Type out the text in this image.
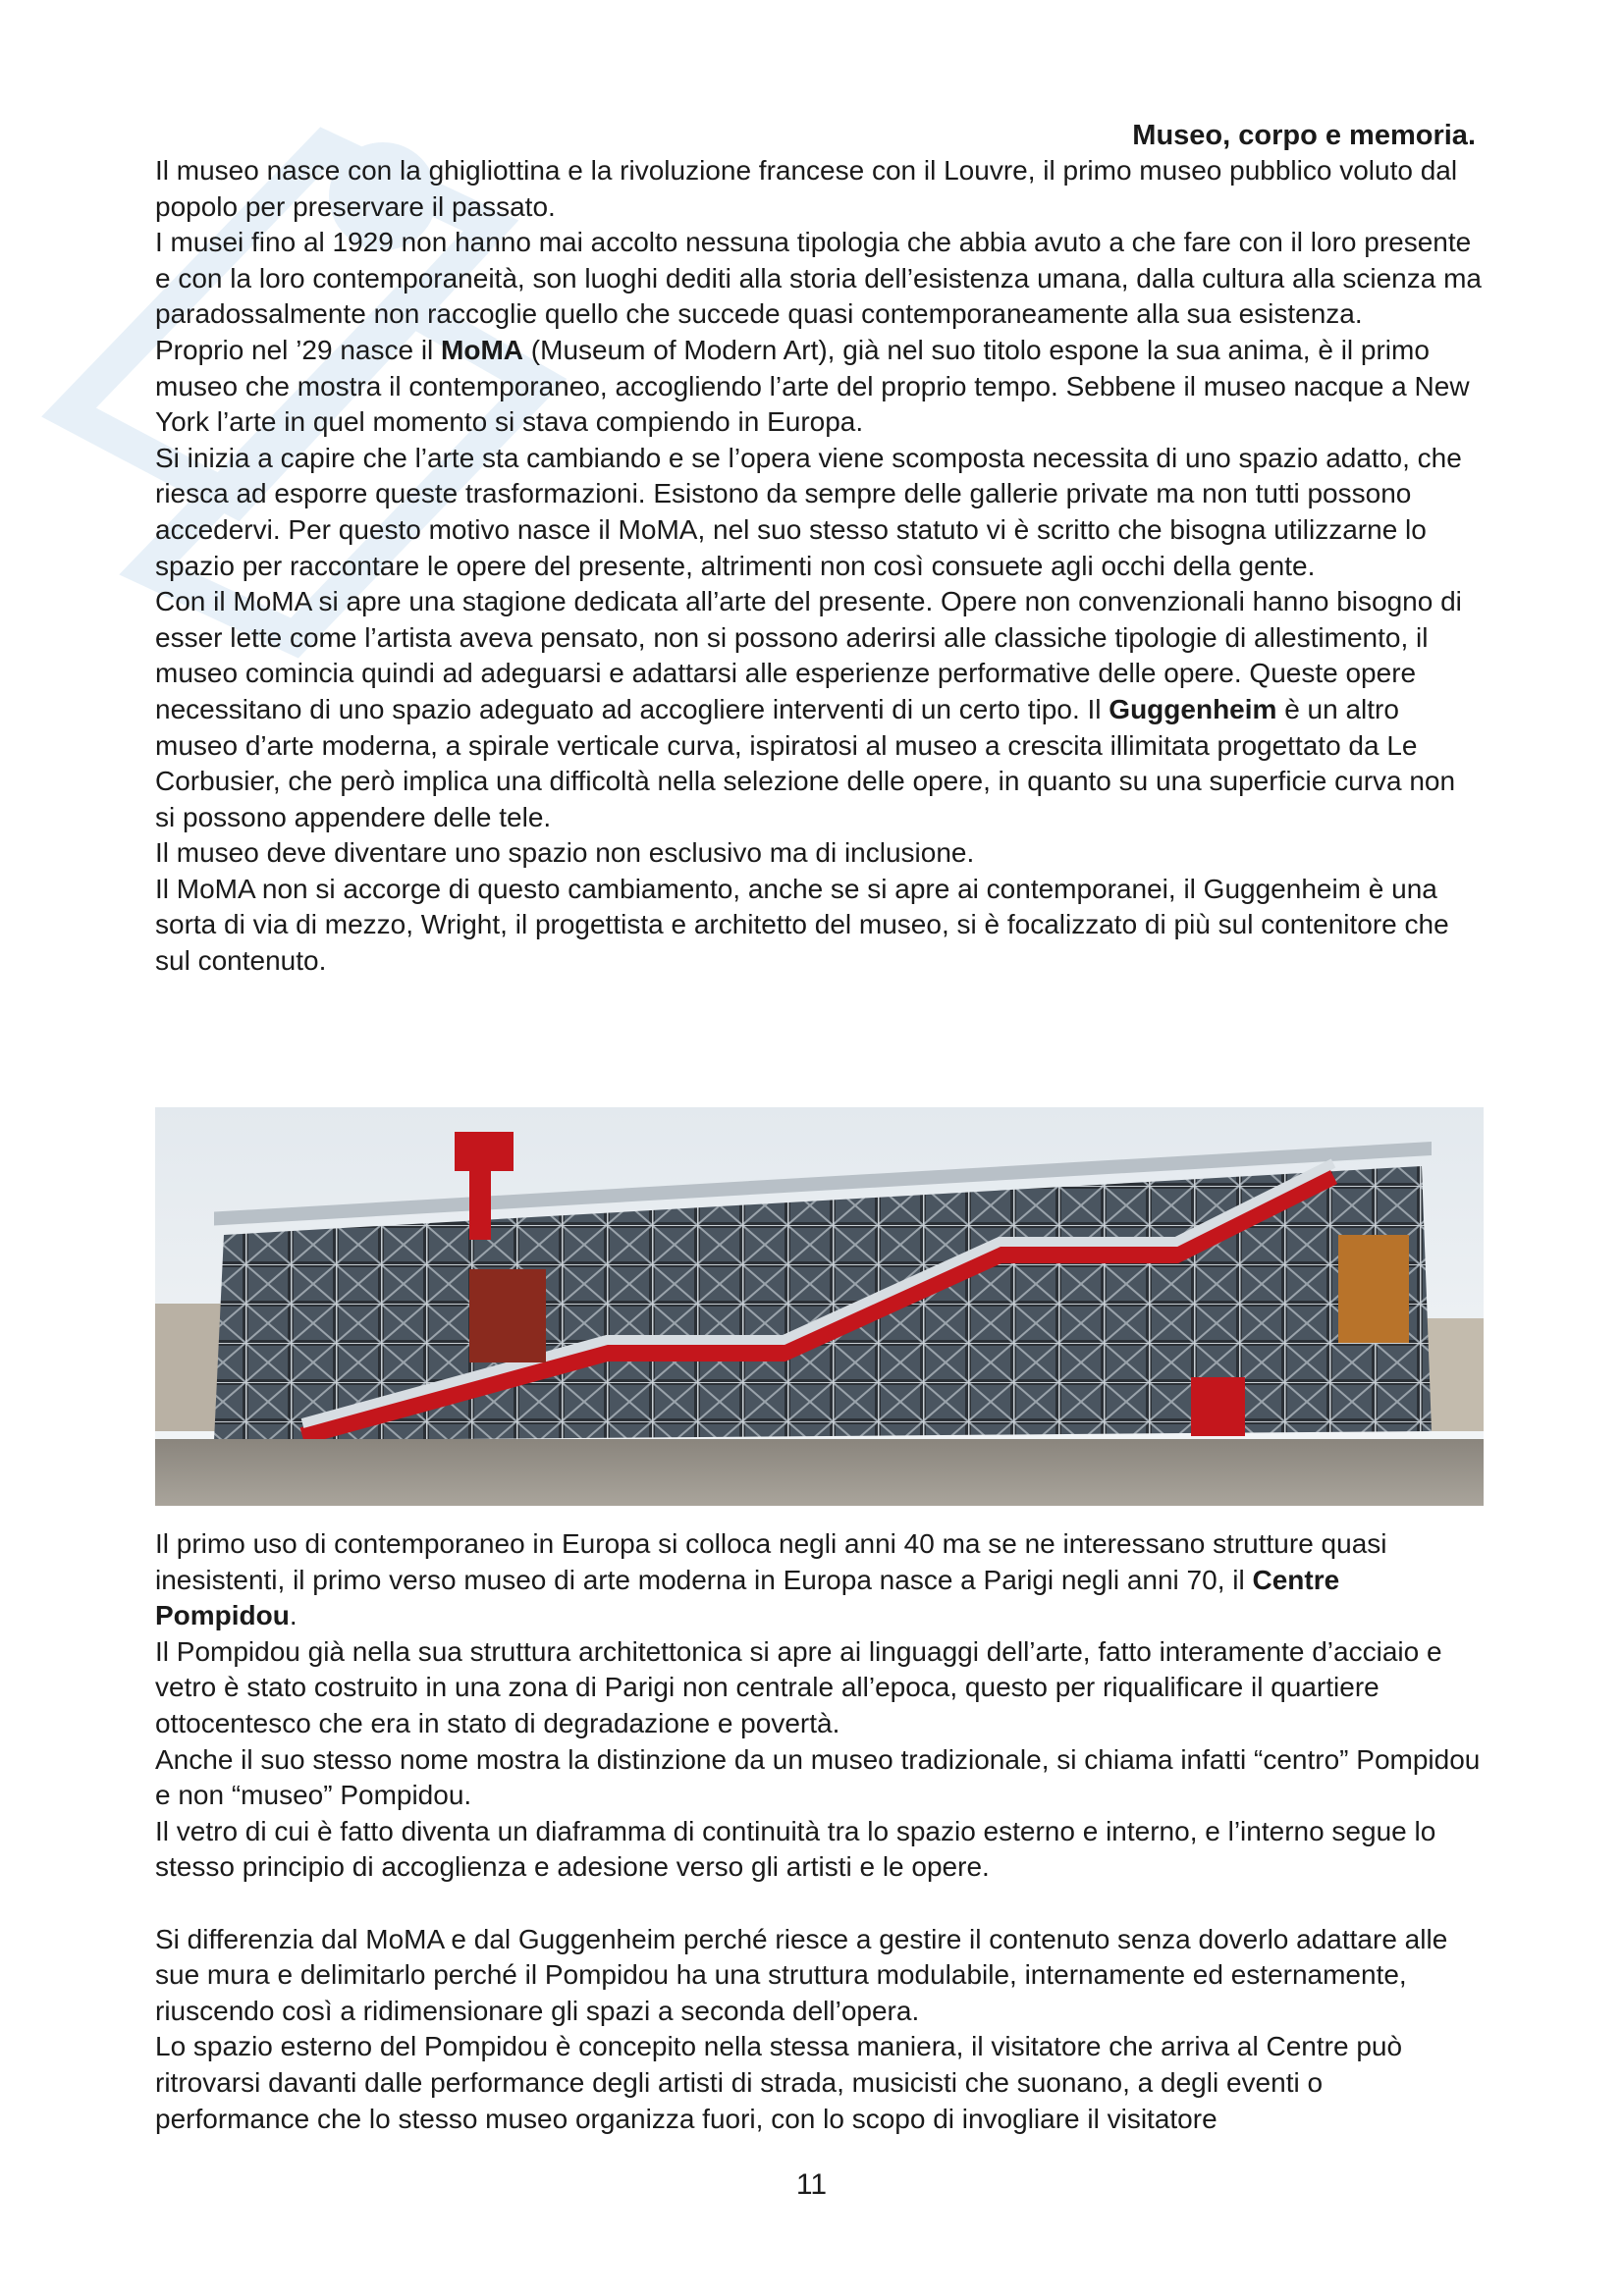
Museo, corpo e memoria.

Il museo nasce con la ghigliottina e la rivoluzione francese con il Louvre, il primo museo pubblico voluto dal popolo per preservare il passato.

I musei fino al 1929 non hanno mai accolto nessuna tipologia che abbia avuto a che fare con il loro presente e con la loro contemporaneità, son luoghi dediti alla storia dell’esistenza umana, dalla cultura alla scienza ma paradossalmente non raccoglie quello che succede quasi contemporaneamente alla sua esistenza.

Proprio nel ’29 nasce il MoMA (Museum of Modern Art), già nel suo titolo espone la sua anima, è il primo museo che mostra il contemporaneo, accogliendo l’arte del proprio tempo. Sebbene il museo nacque a New York l’arte in quel momento si stava compiendo in Europa.

Si inizia a capire che l’arte sta cambiando e se l’opera viene scomposta necessita di uno spazio adatto, che riesca ad esporre queste trasformazioni. Esistono da sempre delle gallerie private ma non tutti possono accedervi. Per questo motivo nasce il MoMA, nel suo stesso statuto vi è scritto che bisogna utilizzarne lo spazio per raccontare le opere del presente, altrimenti non così consuete agli occhi della gente.

Con il MoMA si apre una stagione dedicata all’arte del presente. Opere non convenzionali hanno bisogno di esser lette come l’artista aveva pensato, non si possono aderirsi alle classiche tipologie di allestimento, il museo comincia quindi ad adeguarsi e adattarsi alle esperienze performative delle opere. Queste opere necessitano di uno spazio adeguato ad accogliere interventi di un certo tipo. Il Guggenheim è un altro museo d’arte moderna, a spirale verticale curva, ispiratosi al museo a crescita illimitata progettato da Le Corbusier, che però implica una difficoltà nella selezione delle opere, in quanto su una superficie curva non si possono appendere delle tele.

Il museo deve diventare uno spazio non esclusivo ma di inclusione.

Il MoMA non si accorge di questo cambiamento, anche se si apre ai contemporanei, il Guggenheim è una sorta di via di mezzo, Wright, il progettista e architetto del museo, si è focalizzato di più sul contenitore che sul contenuto.

Il primo uso di contemporaneo in Europa si colloca negli anni 40 ma se ne interessano strutture quasi inesistenti, il primo verso museo di arte moderna in Europa nasce a Parigi negli anni 70, il Centre Pompidou.

Il Pompidou già nella sua struttura architettonica si apre ai linguaggi dell’arte, fatto interamente d’acciaio e vetro è stato costruito in una zona di Parigi non centrale all’epoca, questo per riqualificare il quartiere ottocentesco che era in stato di degradazione e povertà.

Anche il suo stesso nome mostra la distinzione da un museo tradizionale, si chiama infatti “centro” Pompidou e non “museo” Pompidou.

Il vetro di cui è fatto diventa un diaframma di continuità tra lo spazio esterno e interno, e l’interno segue lo stesso principio di accoglienza e adesione verso gli artisti e le opere.

Si differenzia dal MoMA e dal Guggenheim perché riesce a gestire il contenuto senza doverlo adattare alle sue mura e delimitarlo perché il Pompidou ha una struttura modulabile, internamente ed esternamente, riuscendo così a ridimensionare gli spazi a seconda dell’opera.

Lo spazio esterno del Pompidou è concepito nella stessa maniera, il visitatore che arriva al Centre può ritrovarsi davanti dalle performance degli artisti di strada, musicisti che suonano, a degli eventi o performance che lo stesso museo organizza fuori, con lo scopo di invogliare il visitatore

11
